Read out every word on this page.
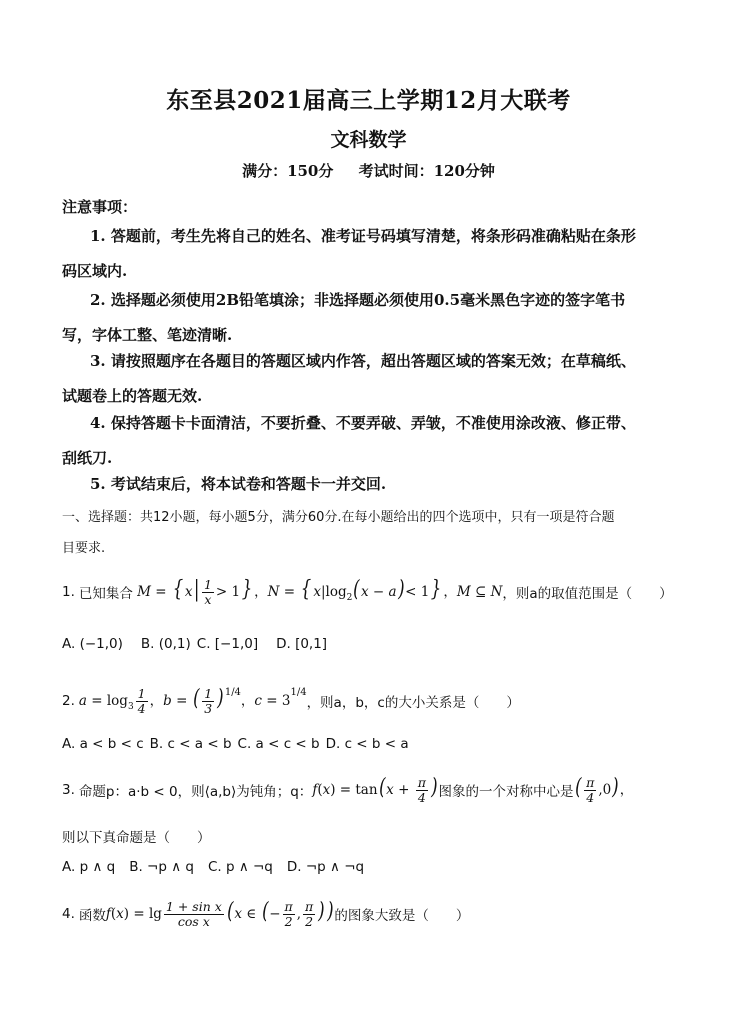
东至县2021届高三上学期12月大联考
文科数学
满分：150分 考试时间：120分钟
注意事项：
1. 答题前，考生先将自己的姓名、准考证号码填写清楚，将条形码准确粘贴在条形
码区域内.
2. 选择题必须使用2B铅笔填涂；非选择题必须使用0.5毫米黑色字迹的签字笔书
写，字体工整、笔迹清晰.
3. 请按照题序在各题目的答题区域内作答，超出答题区域的答案无效；在草稿纸、
试题卷上的答题无效.
4. 保持答题卡卡面清洁，不要折叠、不要弄破、弄皱，不准使用涂改液、修正带、
刮纸刀.
5. 考试结束后，将本试卷和答题卡一并交回.
一、选择题：共12小题，每小题5分，满分60分.在每小题给出的四个选项中，只有一项是符合题
目要求.
1. 已知集合 M = { $x| \frac{1}{x} > 1$} ，N = { $x|\log_2(x - a)< 1$} ，M ⊆ N ，则a的取值范围是（　　）
A. (−1,0) B. (0,1) C. [−1,0] D. [0,1]
2. $a = \log_3 \frac{1}{4}$ ，b = ( $\frac{1}{3} )^{1/4}$，$c = 3^{1/4}$
，则a，b，c的大小关系是（　　）
A. a < b < c B. c < a < b C. a < c < b D. c < b < a
3. 命题p：a·b < 0，则⟨a,b⟩为钝角；q： $f(x) = \tan(x + \frac{\pi}{4}$ ) 图象的一个对称中心是 ( $\frac{\pi}{4} ,0$)，
则以下真命题是（　　）
A. p ∧ q B. ¬p ∧ q C. p ∧ ¬q D. ¬p ∧ ¬q
4. 函数 $f(x) = \lg \frac{\text{1 + sin x}}{\text{cos x}} (x$ ∈ (− $\frac{\pi}{2}$ , $\frac{\pi}{2}$ )) 的图象大致是（　　）
